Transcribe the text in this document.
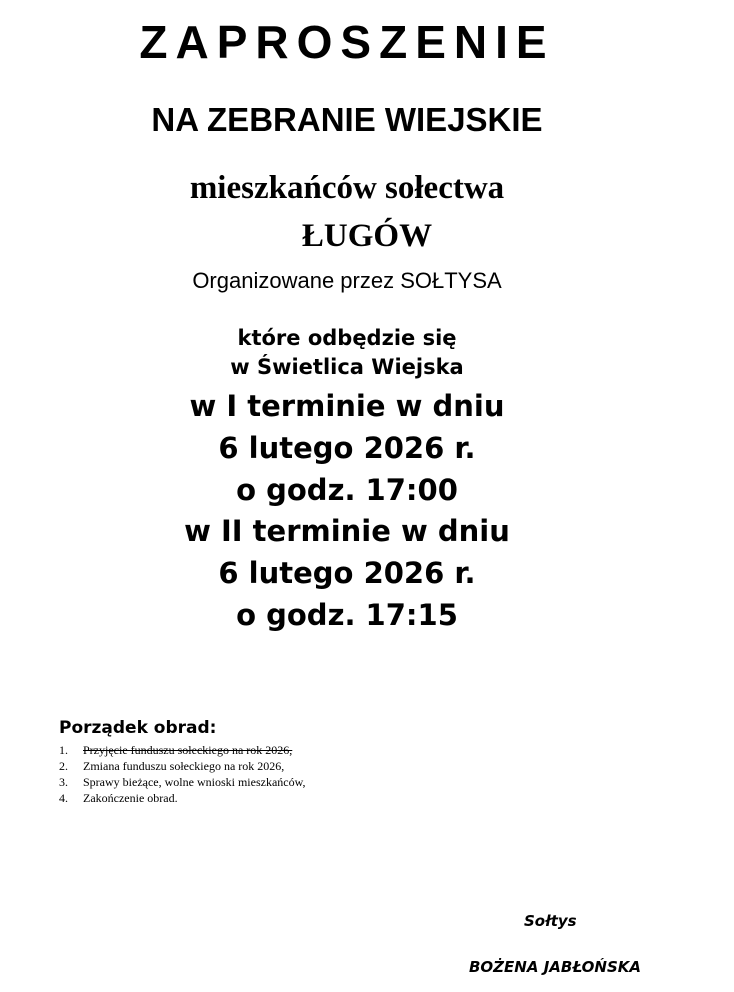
ZAPROSZENIE
NA ZEBRANIE WIEJSKIE
mieszkańców sołectwa
ŁUGÓW
Organizowane przez SOŁTYSA
które odbędzie się
w Świetlica Wiejska
w I terminie w dniu
6 lutego 2026 r.
o godz. 17:00
w II terminie w dniu
6 lutego 2026 r.
o godz. 17:15
Porządek obrad:
1. Przyjęcie funduszu sołeckiego na rok 2026,
2. Zmiana funduszu sołeckiego na rok 2026,
3. Sprawy bieżące, wolne wnioski mieszkańców,
4. Zakończenie obrad.
Sołtys
BOŻENA JABŁOŃSKA
